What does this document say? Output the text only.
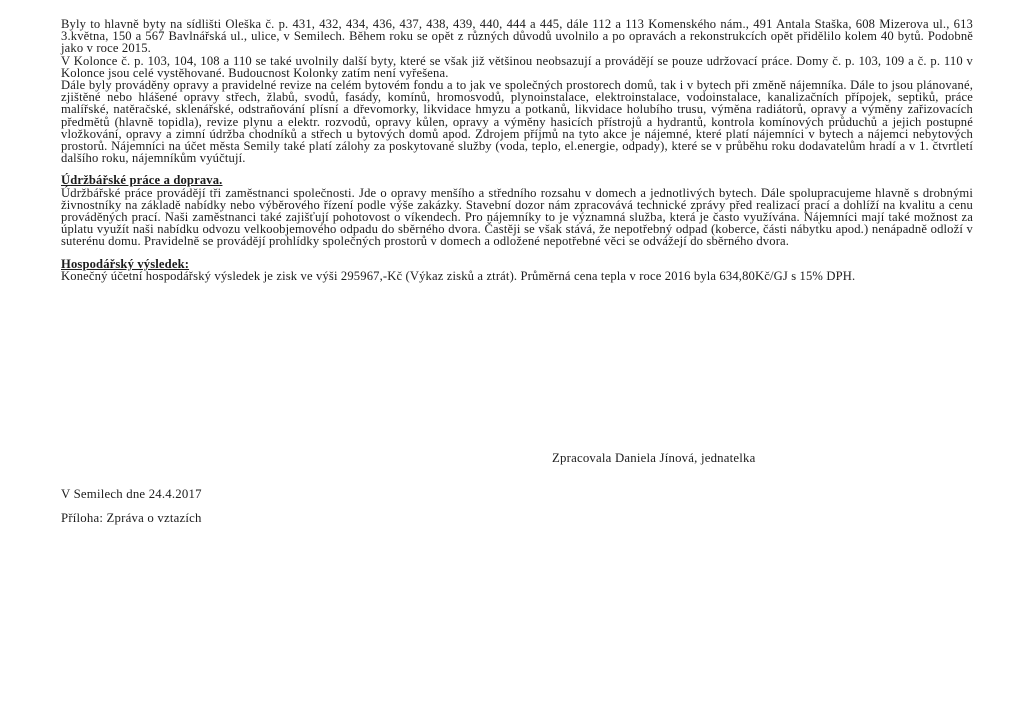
Byly to hlavně byty na sídlišti Oleška č. p. 431, 432, 434, 436, 437, 438, 439, 440, 444 a 445, dále 112 a 113 Komenského nám., 491 Antala Staška, 608 Mizerova ul., 613 3.května, 150 a 567 Bavlnářská ul., ulice, v Semilech. Během roku se opět z různých důvodů uvolnilo a po opravách a rekonstrukcích opět přidělilo kolem 40 bytů. Podobně jako v roce 2015.

V Kolonce č. p. 103, 104, 108 a 110 se také uvolnily další byty, které se však již většinou neobsazují a provádějí se pouze udržovací práce. Domy č. p. 103, 109 a č. p. 110 v Kolonce jsou celé vystěhované. Budoucnost Kolonky zatím není vyřešena.

Dále byly prováděny opravy a pravidelné revize na celém bytovém fondu a to jak ve společných prostorech domů, tak i v bytech při změně nájemníka. Dále to jsou plánované, zjištěné nebo hlášené opravy střech, žlabů, svodů, fasády, komínů, hromosvodů, plynoinstalace, elektroinstalace, vodoinstalace, kanalizačních přípojek, septiků, práce malířské, natěračské, sklenářské, odstraňování plísní a dřevomorky, likvidace hmyzu a potkanů, likvidace holubího trusu, výměna radiátorů, opravy a výměny zařizovacích předmětů (hlavně topidla), revize plynu a elektr. rozvodů, opravy kůlen, opravy a výměny hasicích přístrojů a hydrantů, kontrola komínových průduchů a jejich postupné vložkování, opravy a zimní údržba chodníků a střech u bytových domů apod. Zdrojem příjmů na tyto akce je nájemné, které platí nájemníci v bytech a nájemci nebytových prostorů. Nájemníci na účet města Semily také platí zálohy za poskytované služby (voda, teplo, el.energie, odpady), které se v průběhu roku dodavatelům hradí a v 1. čtvrtletí dalšího roku, nájemníkům vyúčtují.

Údržbářské práce a doprava.

Údržbářské práce provádějí tři zaměstnanci společnosti. Jde o opravy menšího a středního rozsahu v domech a jednotlivých bytech. Dále spolupracujeme hlavně s drobnými živnostníky na základě nabídky nebo výběrového řízení podle výše zakázky. Stavební dozor nám zpracovává technické zprávy před realizací prací a dohlíží na kvalitu a cenu prováděných prací. Naši zaměstnanci také zajišťují pohotovost o víkendech. Pro nájemníky to je významná služba, která je často využívána. Nájemníci mají také možnost za úplatu využít naši nabídku odvozu velkoobjemového odpadu do sběrného dvora. Častěji se však stává, že nepotřebný odpad (koberce, části nábytku apod.) nenápadně odloží v suterénu domu. Pravidelně se provádějí prohlídky společných prostorů v domech a odložené nepotřebné věci se odvážejí do sběrného dvora.

Hospodářský výsledek:

Konečný účetní hospodářský výsledek je zisk ve výši 295967,-Kč (Výkaz zisků a ztrát). Průměrná cena tepla v roce 2016 byla 634,80Kč/GJ s 15% DPH.

Zpracovala Daniela Jínová, jednatelka
V Semilech dne 24.4.2017
Příloha: Zpráva o vztazích
